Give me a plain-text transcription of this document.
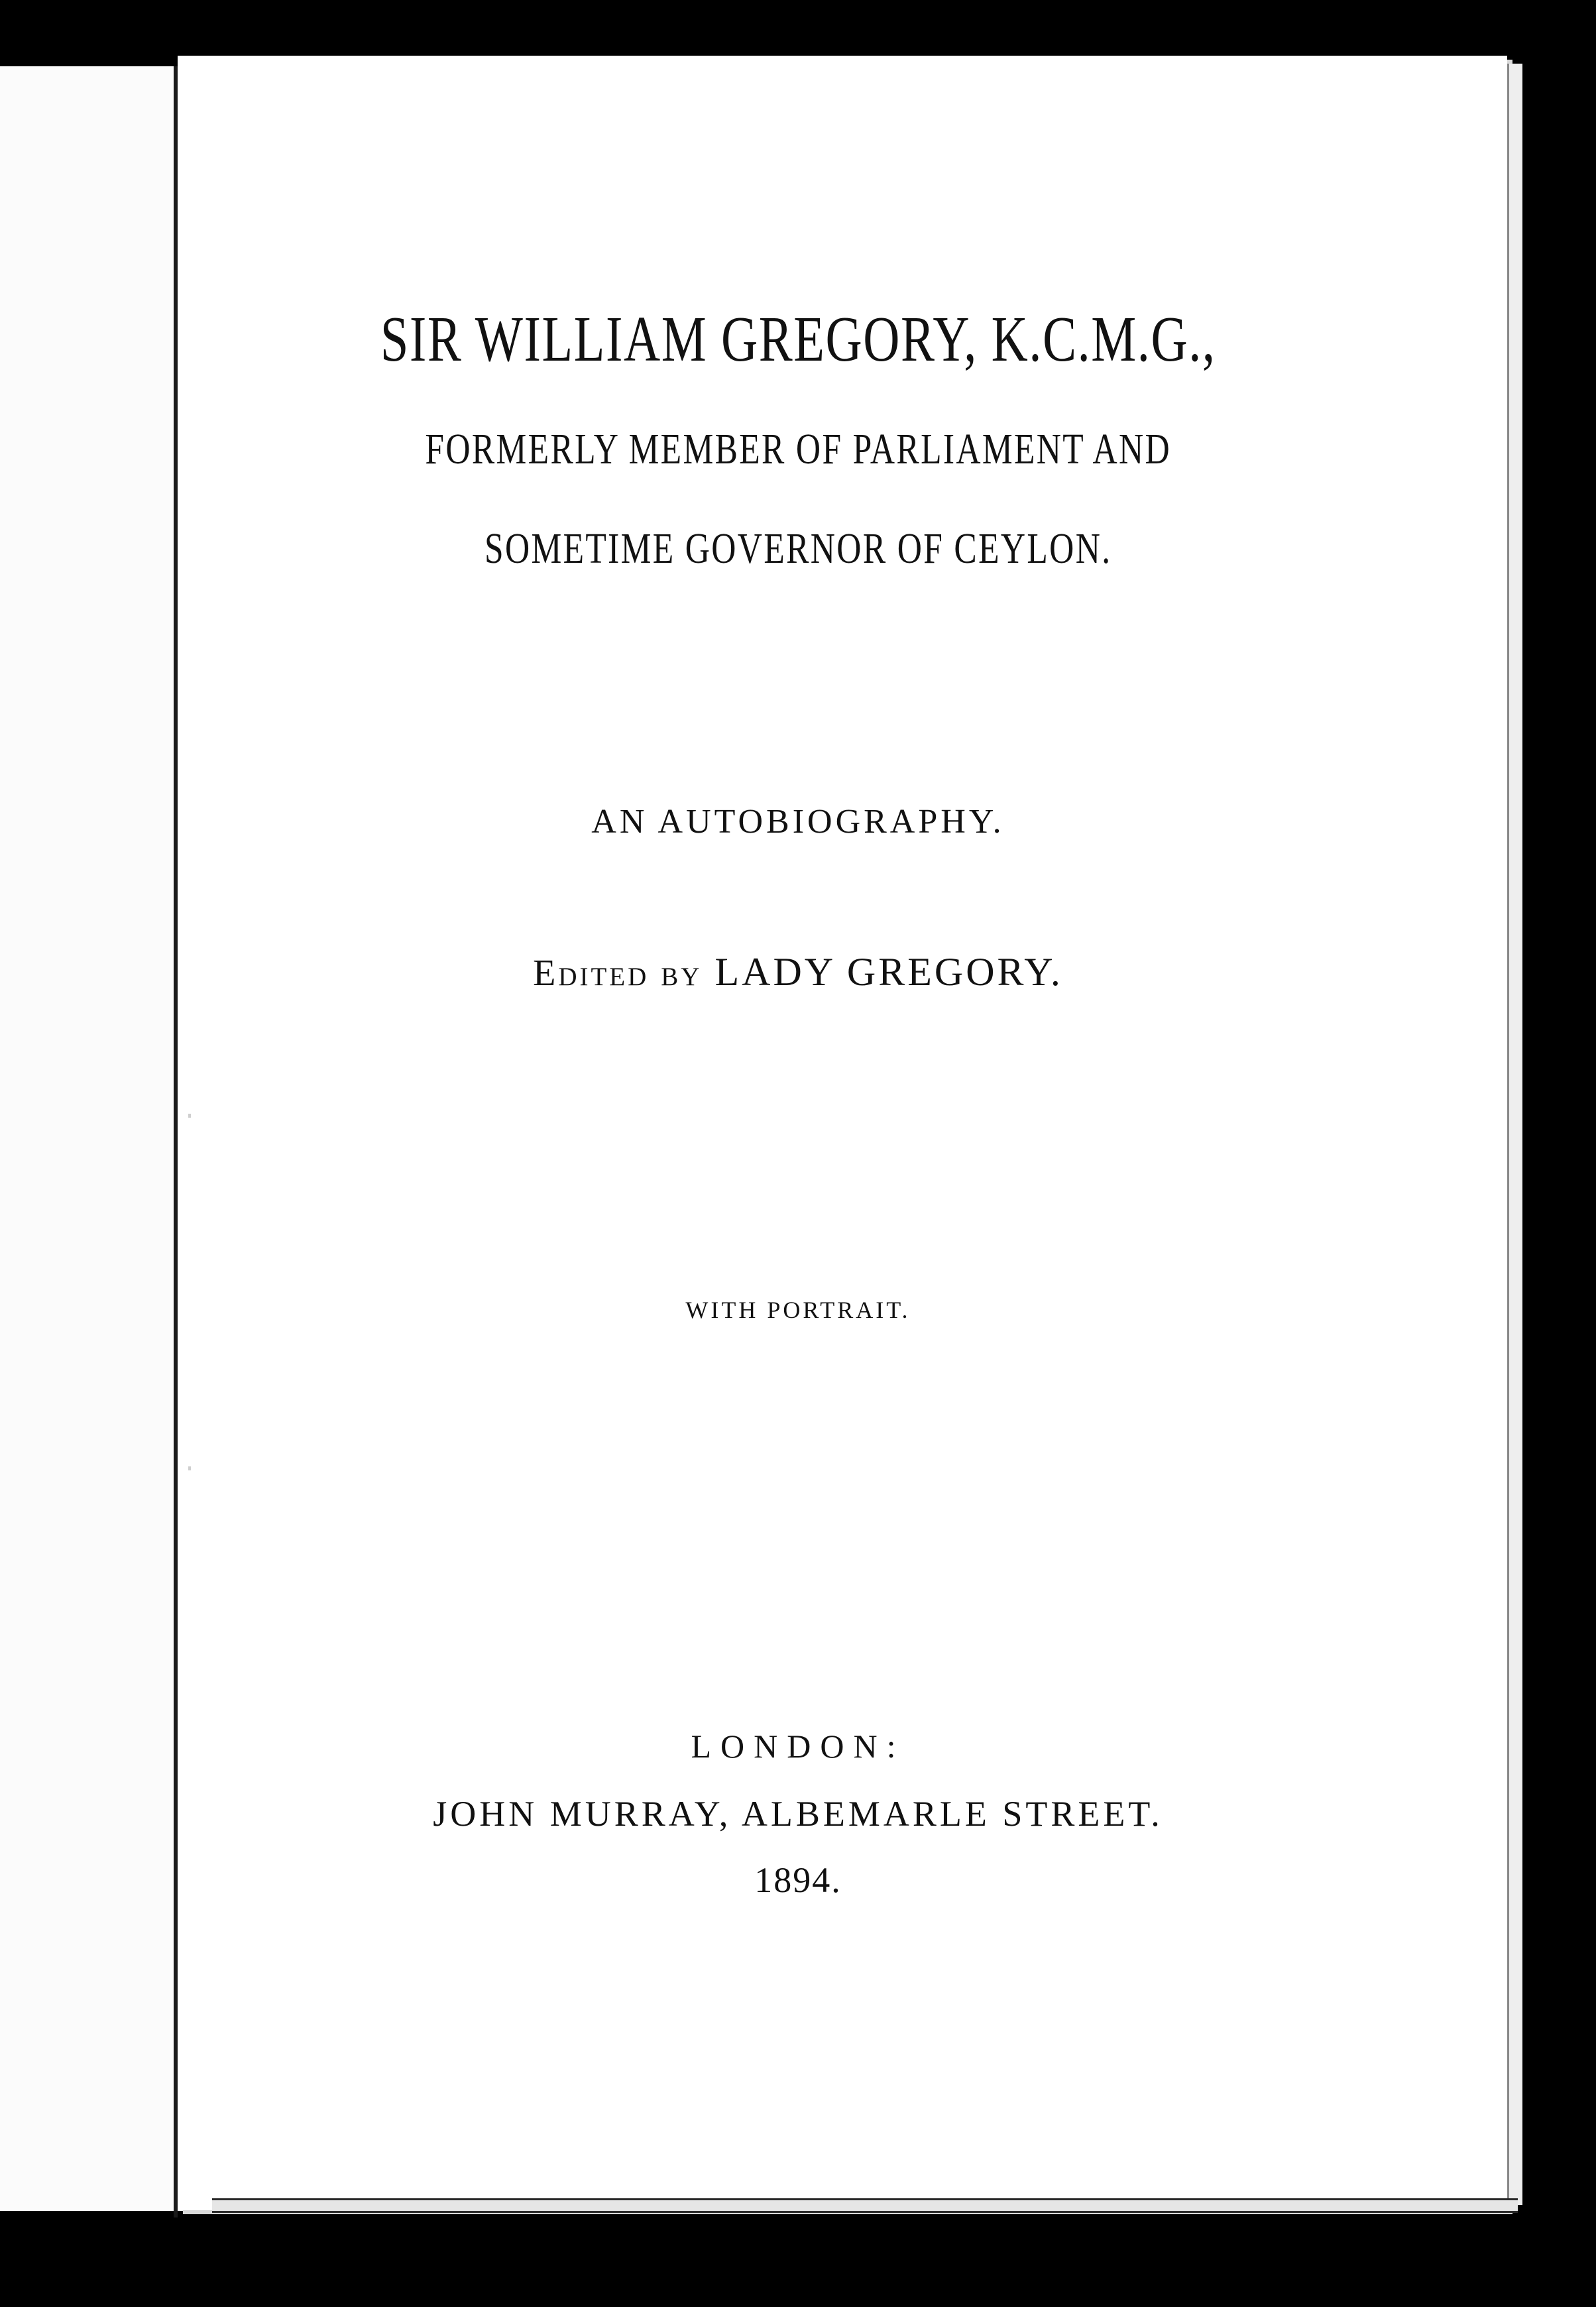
SIR WILLIAM GREGORY, K.C.M.G.,
FORMERLY MEMBER OF PARLIAMENT AND
SOMETIME GOVERNOR OF CEYLON.
AN AUTOBIOGRAPHY.
Edited by LADY GREGORY.
WITH PORTRAIT.
LONDON:
JOHN MURRAY, ALBEMARLE STREET.
1894.
